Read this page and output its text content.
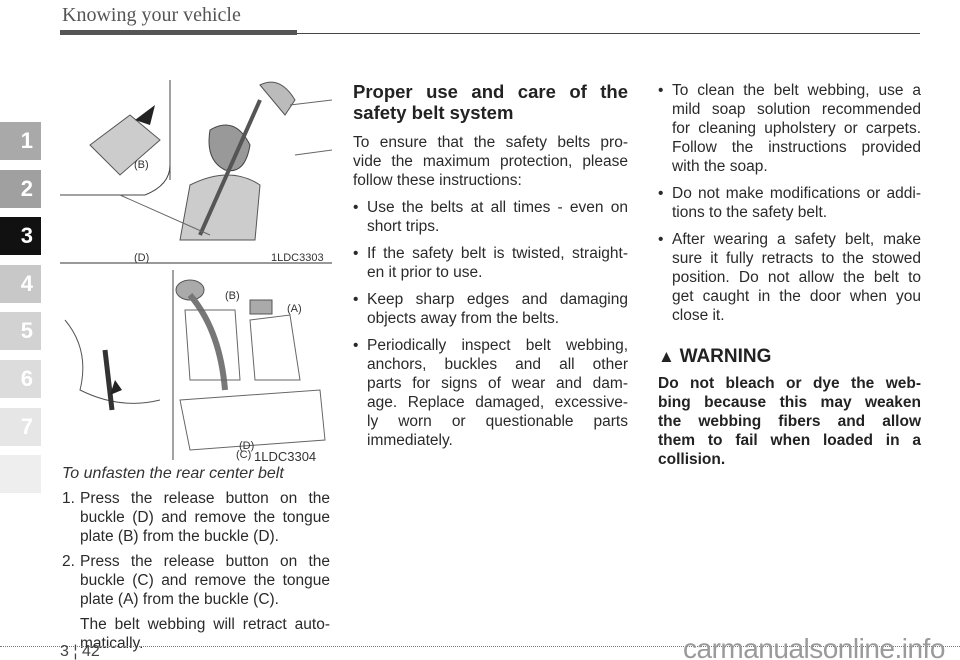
Knowing your vehicle
1
2
3
4
5
6
7
(B)
(D)	1LDC3303
(B)
(A)
(D)
(C) 1LDC3304
To unfasten the rear center belt
1. Press the release button on the
buckle (D) and remove the tongue
plate (B) from the buckle (D).
2. Press the release button on the
buckle (C) and remove the tongue
plate (A) from the buckle (C).
The belt webbing will retract auto-
matically.
Proper use and care of the
safety belt system
To ensure that the safety belts pro-
vide the maximum protection, please
follow these instructions:
• Use the belts at all times - even on
short trips.
• If the safety belt is twisted, straight-
en it prior to use.
• Keep sharp edges and damaging
objects away from the belts.
• Periodically inspect belt webbing,
anchors, buckles and all other
parts for signs of wear and dam-
age. Replace damaged, excessive-
ly worn or questionable parts
immediately.
• To clean the belt webbing, use a
mild soap solution recommended
for cleaning upholstery or carpets.
Follow the instructions provided
with the soap.
• Do not make modifications or addi-
tions to the safety belt.
• After wearing a safety belt, make
sure it fully retracts to the stowed
position. Do not allow the belt to
get caught in the door when you
close it.
▲ WARNING
Do not bleach or dye the web-
bing because this may weaken
the webbing fibers and allow
them to fail when loaded in a
collision.
3 ¦ 42	carmanualsonline.info
